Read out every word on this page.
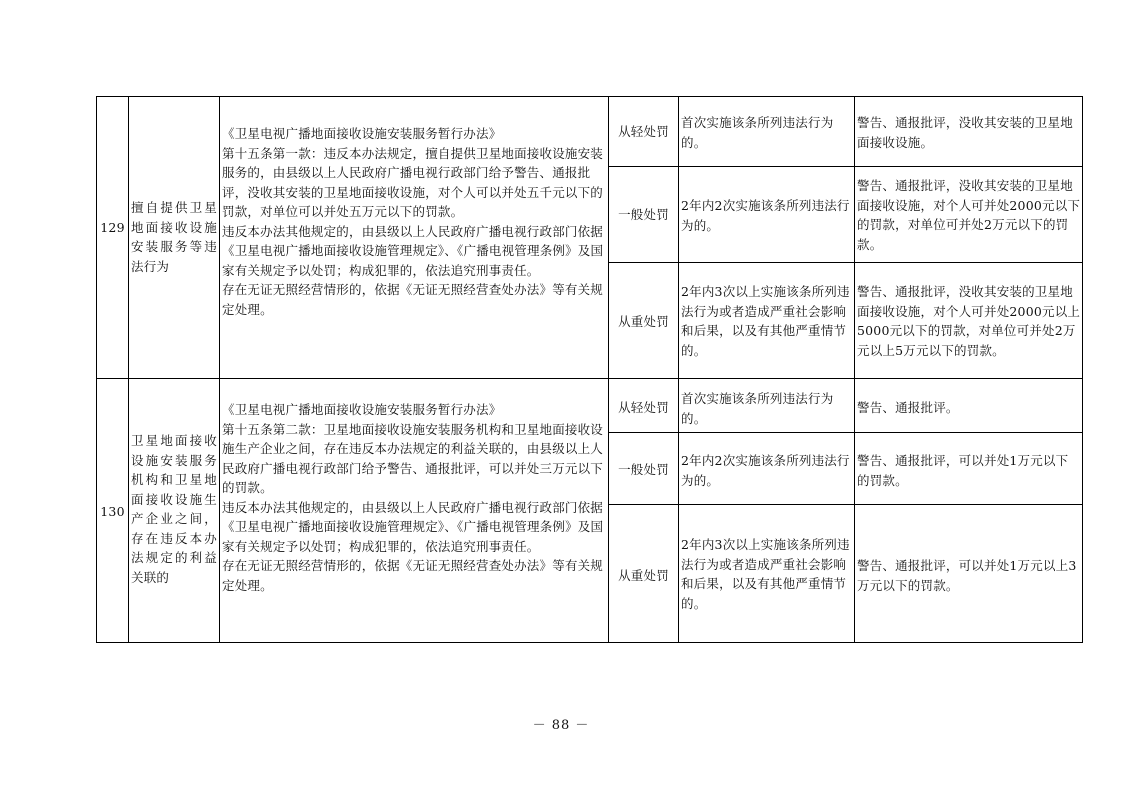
129
擅自提供卫星地面接收设施安装服务等违法行为
《卫星电视广播地面接收设施安装服务暂行办法》
第十五条第一款：违反本办法规定，擅自提供卫星地面接收设施安装服务的，由县级以上人民政府广播电视行政部门给予警告、通报批评，没收其安装的卫星地面接收设施，对个人可以并处五千元以下的罚款，对单位可以并处五万元以下的罚款。
违反本办法其他规定的，由县级以上人民政府广播电视行政部门依据《卫星电视广播地面接收设施管理规定》、《广播电视管理条例》及国家有关规定予以处罚；构成犯罪的，依法追究刑事责任。
存在无证无照经营情形的，依据《无证无照经营查处办法》等有关规定处理。
从轻处罚
首次实施该条所列违法行为的。
警告、通报批评，没收其安装的卫星地面接收设施。
一般处罚
2年内2次实施该条所列违法行为的。
警告、通报批评，没收其安装的卫星地面接收设施，对个人可并处2000元以下的罚款，对单位可并处2万元以下的罚款。
从重处罚
2年内3次以上实施该条所列违法行为或者造成严重社会影响和后果，以及有其他严重情节的。
警告、通报批评，没收其安装的卫星地面接收设施，对个人可并处2000元以上5000元以下的罚款，对单位可并处2万元以上5万元以下的罚款。
130
卫星地面接收设施安装服务机构和卫星地面接收设施生产企业之间，存在违反本办法规定的利益关联的
《卫星电视广播地面接收设施安装服务暂行办法》
第十五条第二款：卫星地面接收设施安装服务机构和卫星地面接收设施生产企业之间，存在违反本办法规定的利益关联的，由县级以上人民政府广播电视行政部门给予警告、通报批评，可以并处三万元以下的罚款。
违反本办法其他规定的，由县级以上人民政府广播电视行政部门依据《卫星电视广播地面接收设施管理规定》、《广播电视管理条例》及国家有关规定予以处罚；构成犯罪的，依法追究刑事责任。
存在无证无照经营情形的，依据《无证无照经营查处办法》等有关规定处理。
从轻处罚
首次实施该条所列违法行为的。
警告、通报批评。
一般处罚
2年内2次实施该条所列违法行为的。
警告、通报批评，可以并处1万元以下的罚款。
从重处罚
2年内3次以上实施该条所列违法行为或者造成严重社会影响和后果，以及有其他严重情节的。
警告、通报批评，可以并处1万元以上3万元以下的罚款。
－ 88 －
